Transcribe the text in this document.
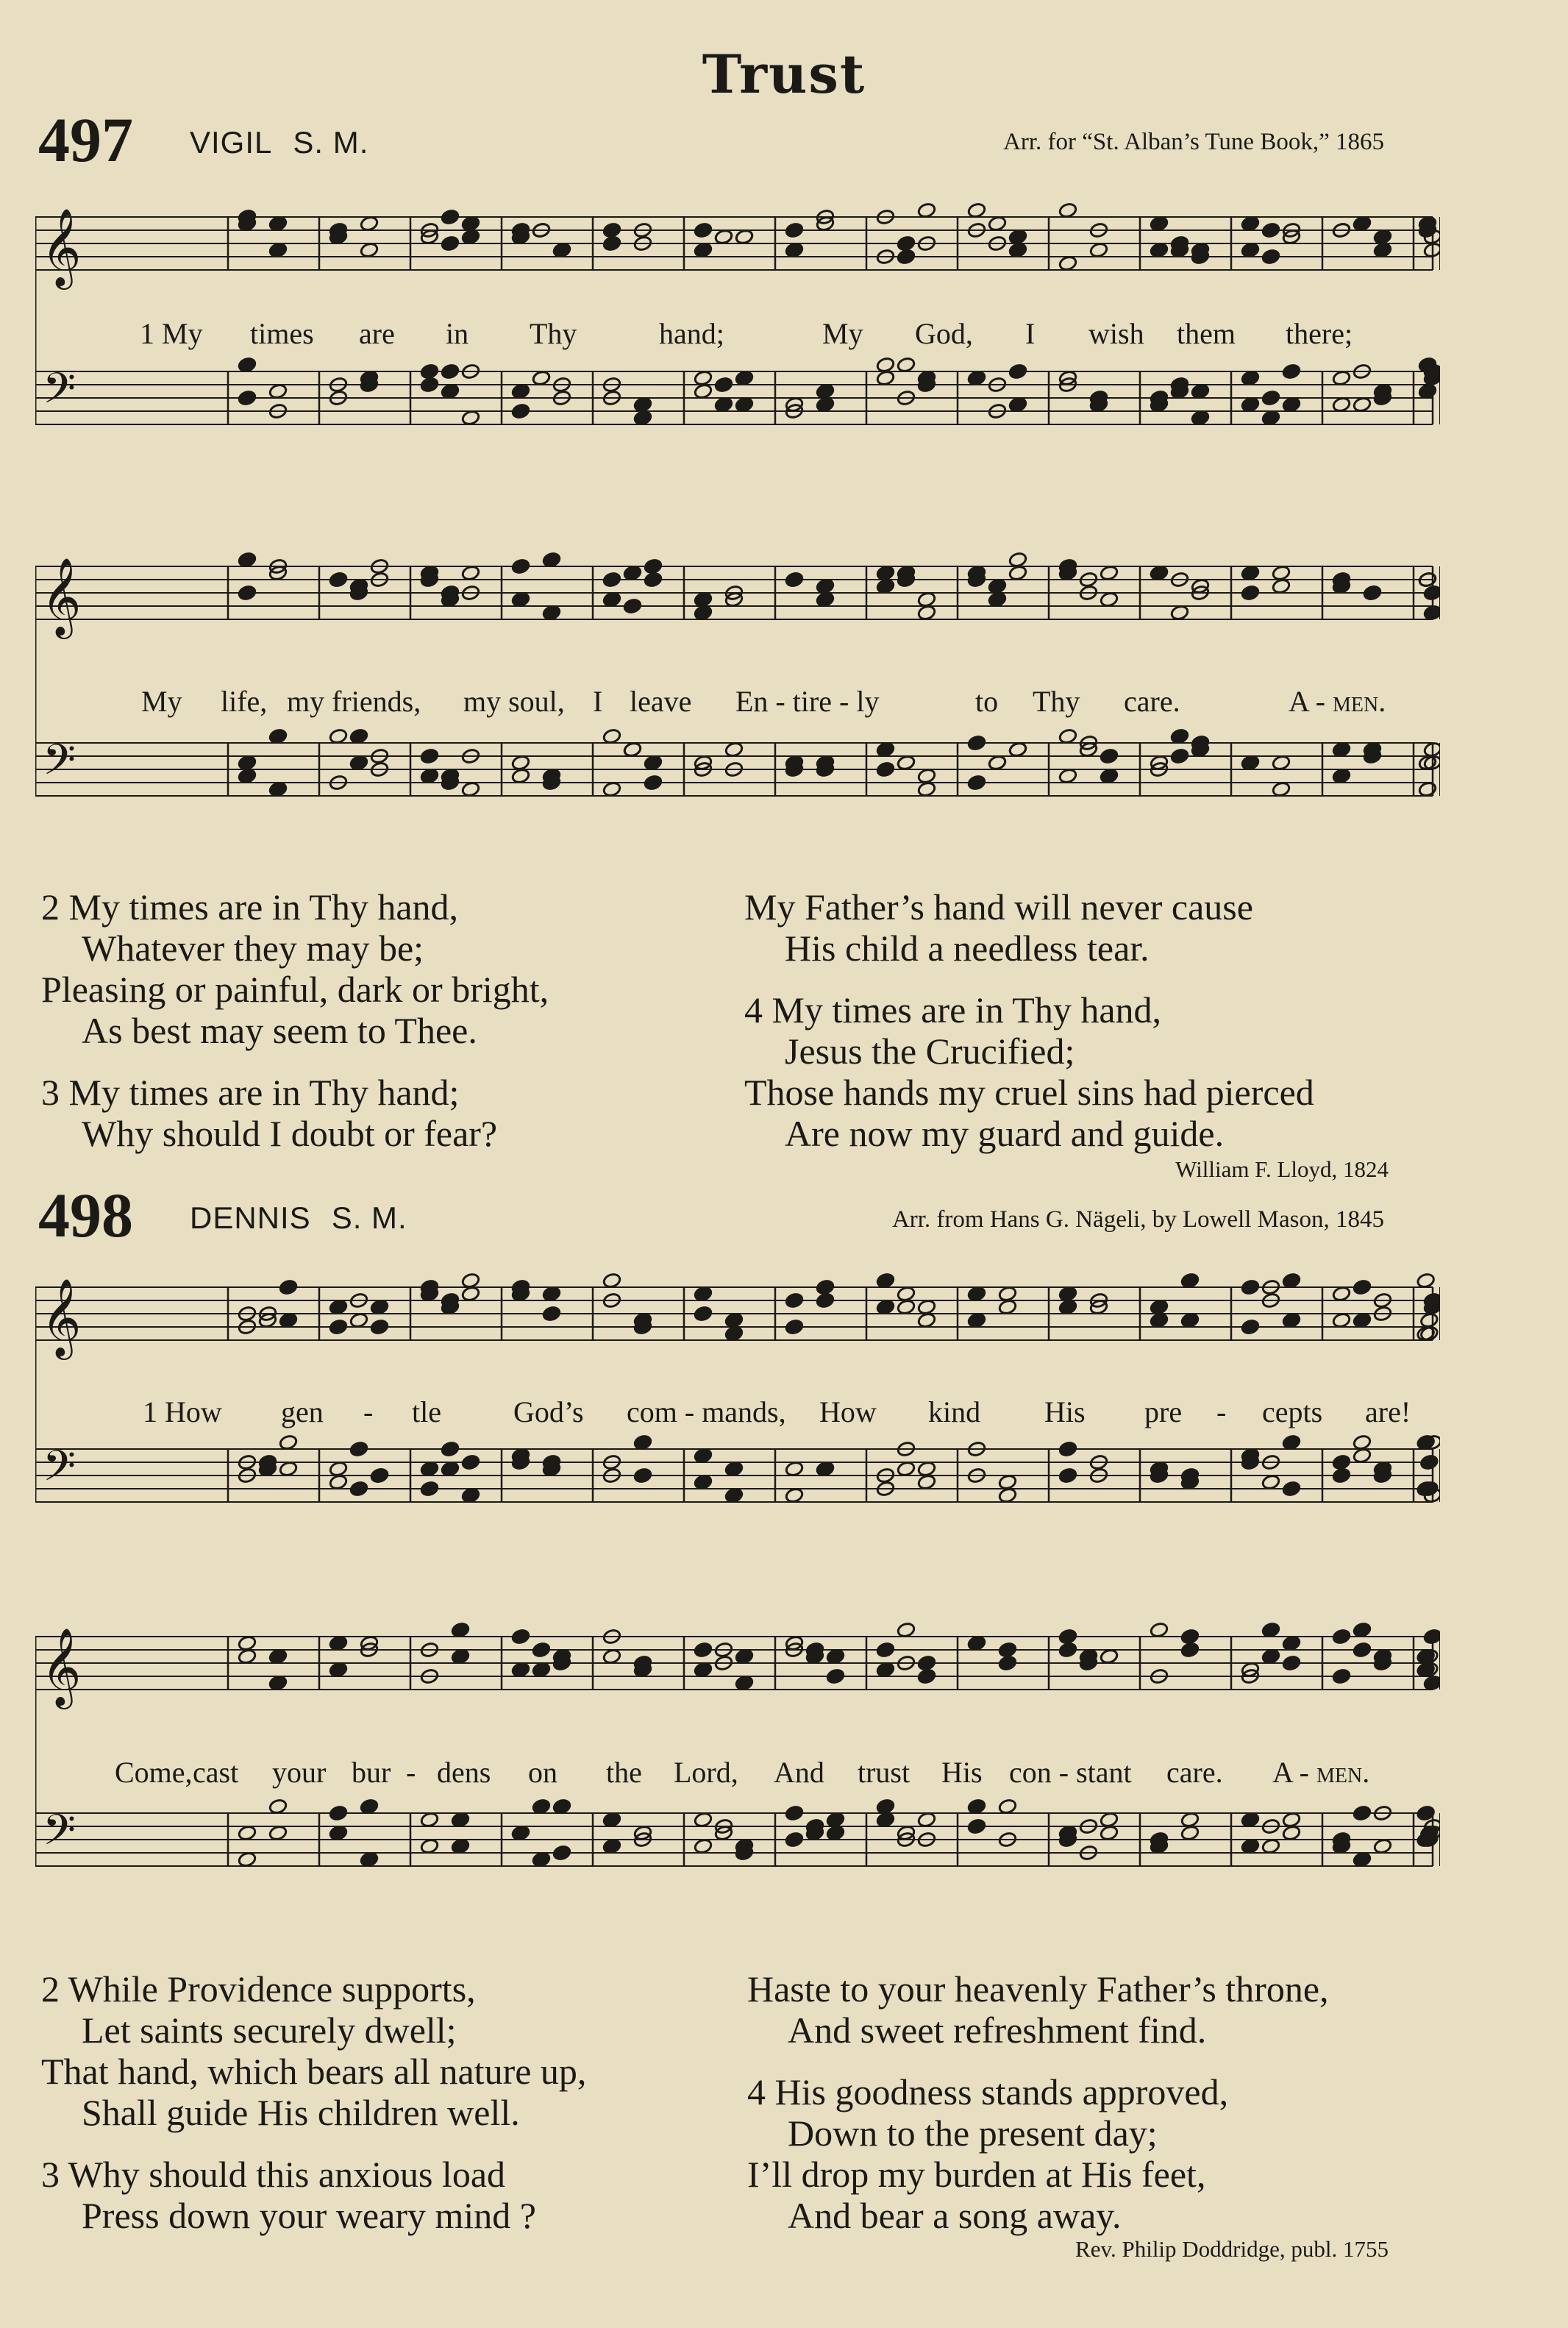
Trust
497 VIGIL S. M.	Arr. for “St. Alban’s Tune Book,” 1865
𝄞
𝄢
1 My times are in Thy	hand;	My God, I wish them there;
𝄞
𝄢
My life, my friends, my soul, I leave En - tire - ly	to Thy care.	A - men.
2 My times are in Thy hand,
Whatever they may be;
Pleasing or painful, dark or bright,
As best may seem to Thee.
3 My times are in Thy hand;
Why should I doubt or fear?
My Father’s hand will never cause
His child a needless tear.
4 My times are in Thy hand,
Jesus the Crucified;
Those hands my cruel sins had pierced
Are now my guard and guide.
William F. Lloyd, 1824
498 DENNIS S. M.	Arr. from Hans G. Nägeli, by Lowell Mason, 1845
𝄞
𝄢
1 How gen - tle God’s com - mands, How kind His pre - cepts are!
𝄞
𝄢
Come, cast your bur - dens on the Lord, And trust His con - stant care. A - men.
2 While Providence supports,
Let saints securely dwell;
That hand, which bears all nature up,
Shall guide His children well.
3 Why should this anxious load
Press down your weary mind ?
Haste to your heavenly Father’s throne,
And sweet refreshment find.
4 His goodness stands approved,
Down to the present day;
I’ll drop my burden at His feet,
And bear a song away.
Rev. Philip Doddridge, publ. 1755
